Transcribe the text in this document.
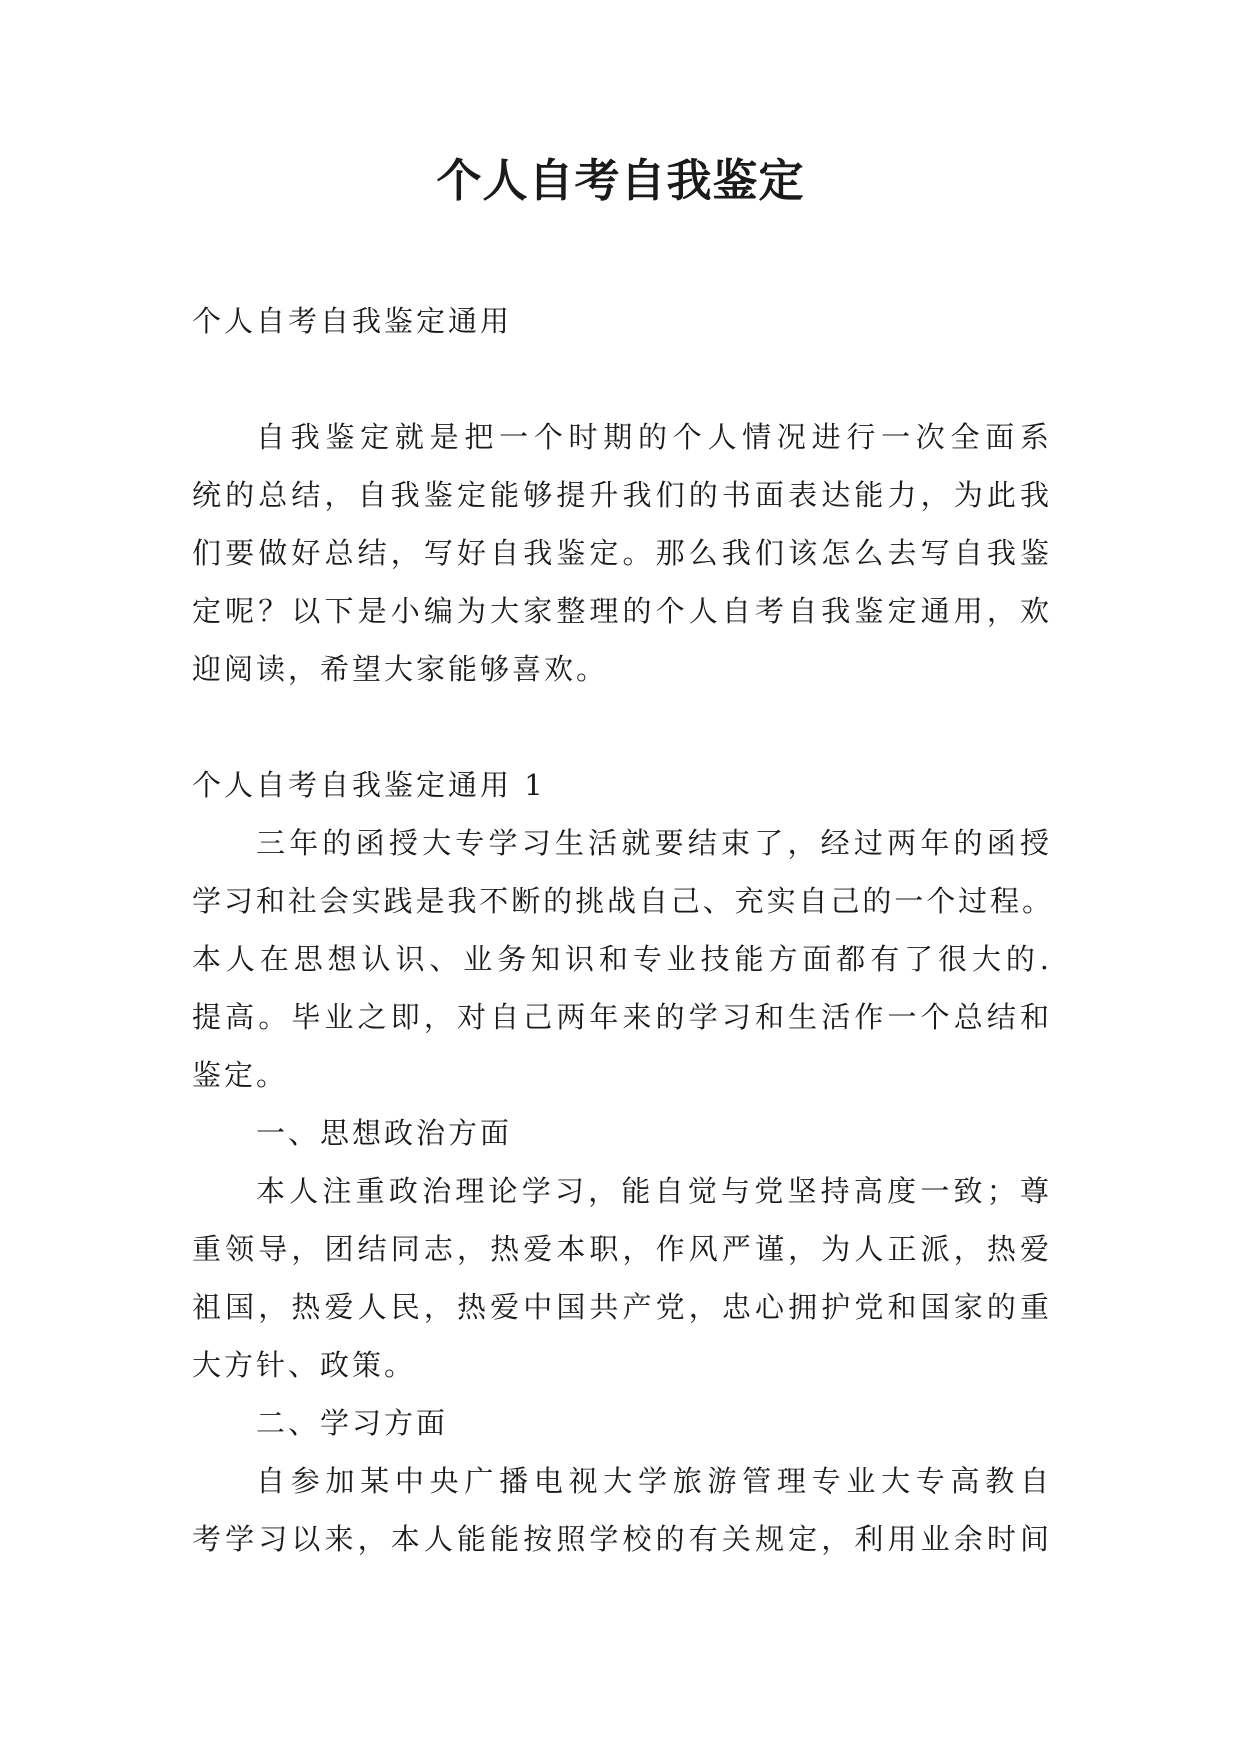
个人自考自我鉴定
个人自考自我鉴定通用
自我鉴定就是把一个时期的个人情况进行一次全面系
统的总结，自我鉴定能够提升我们的书面表达能力，为此我
们要做好总结，写好自我鉴定。那么我们该怎么去写自我鉴
定呢？以下是小编为大家整理的个人自考自我鉴定通用，欢
迎阅读，希望大家能够喜欢。
个人自考自我鉴定通用 1
三年的函授大专学习生活就要结束了，经过两年的函授
学习和社会实践是我不断的挑战自己、充实自己的一个过程。
本人在思想认识、业务知识和专业技能方面都有了很大的.
提高。毕业之即，对自己两年来的学习和生活作一个总结和
鉴定。
一、思想政治方面
本人注重政治理论学习，能自觉与党坚持高度一致；尊
重领导，团结同志，热爱本职，作风严谨，为人正派，热爱
祖国，热爱人民，热爱中国共产党，忠心拥护党和国家的重
大方针、政策。
二、学习方面
自参加某中央广播电视大学旅游管理专业大专高教自
考学习以来，本人能能按照学校的有关规定，利用业余时间
